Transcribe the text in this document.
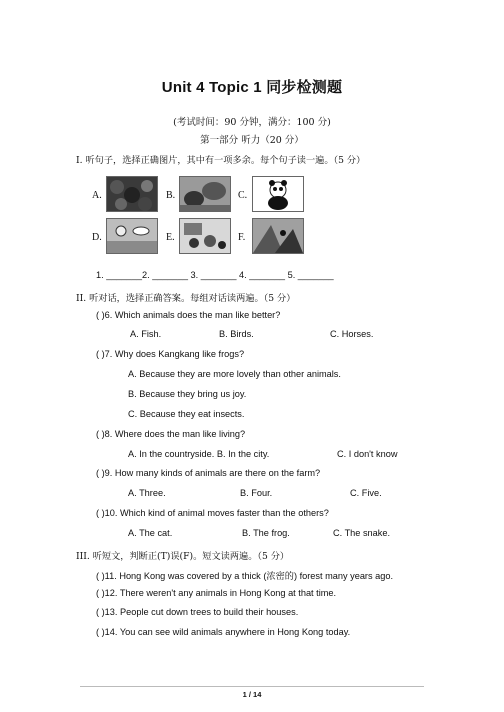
Unit 4 Topic 1 同步检测题
(考试时间：90 分钟，满分：100 分)
第一部分 听力（20 分）
I. 听句子，选择正确图片，其中有一项多余。每个句子读一遍。（5 分）
A.	B.	C.
D.	E.	F.
1. _______2. _______ 3. _______ 4. _______ 5. _______
II. 听对话，选择正确答案。每组对话读两遍。（5 分）
( )6. Which animals does the man like better?
A. Fish.	B. Birds.	C. Horses.
( )7. Why does Kangkang like frogs?
A. Because they are more lovely than other animals.
B. Because they bring us joy.
C. Because they eat insects.
( )8. Where does the man like living?
A. In the countryside. B. In the city.	C. I don't know
( )9. How many kinds of animals are there on the farm?
A. Three.	B. Four.	C. Five.
( )10. Which kind of animal moves faster than the others?
A. The cat.	B. The frog.	C. The snake.
III. 听短文，判断正(T)误(F)。短文读两遍。（5 分）
( )11. Hong Kong was covered by a thick (浓密的) forest many years ago.
( )12. There weren't any animals in Hong Kong at that time.
( )13. People cut down trees to build their houses.
( )14. You can see wild animals anywhere in Hong Kong today.
1 / 14
